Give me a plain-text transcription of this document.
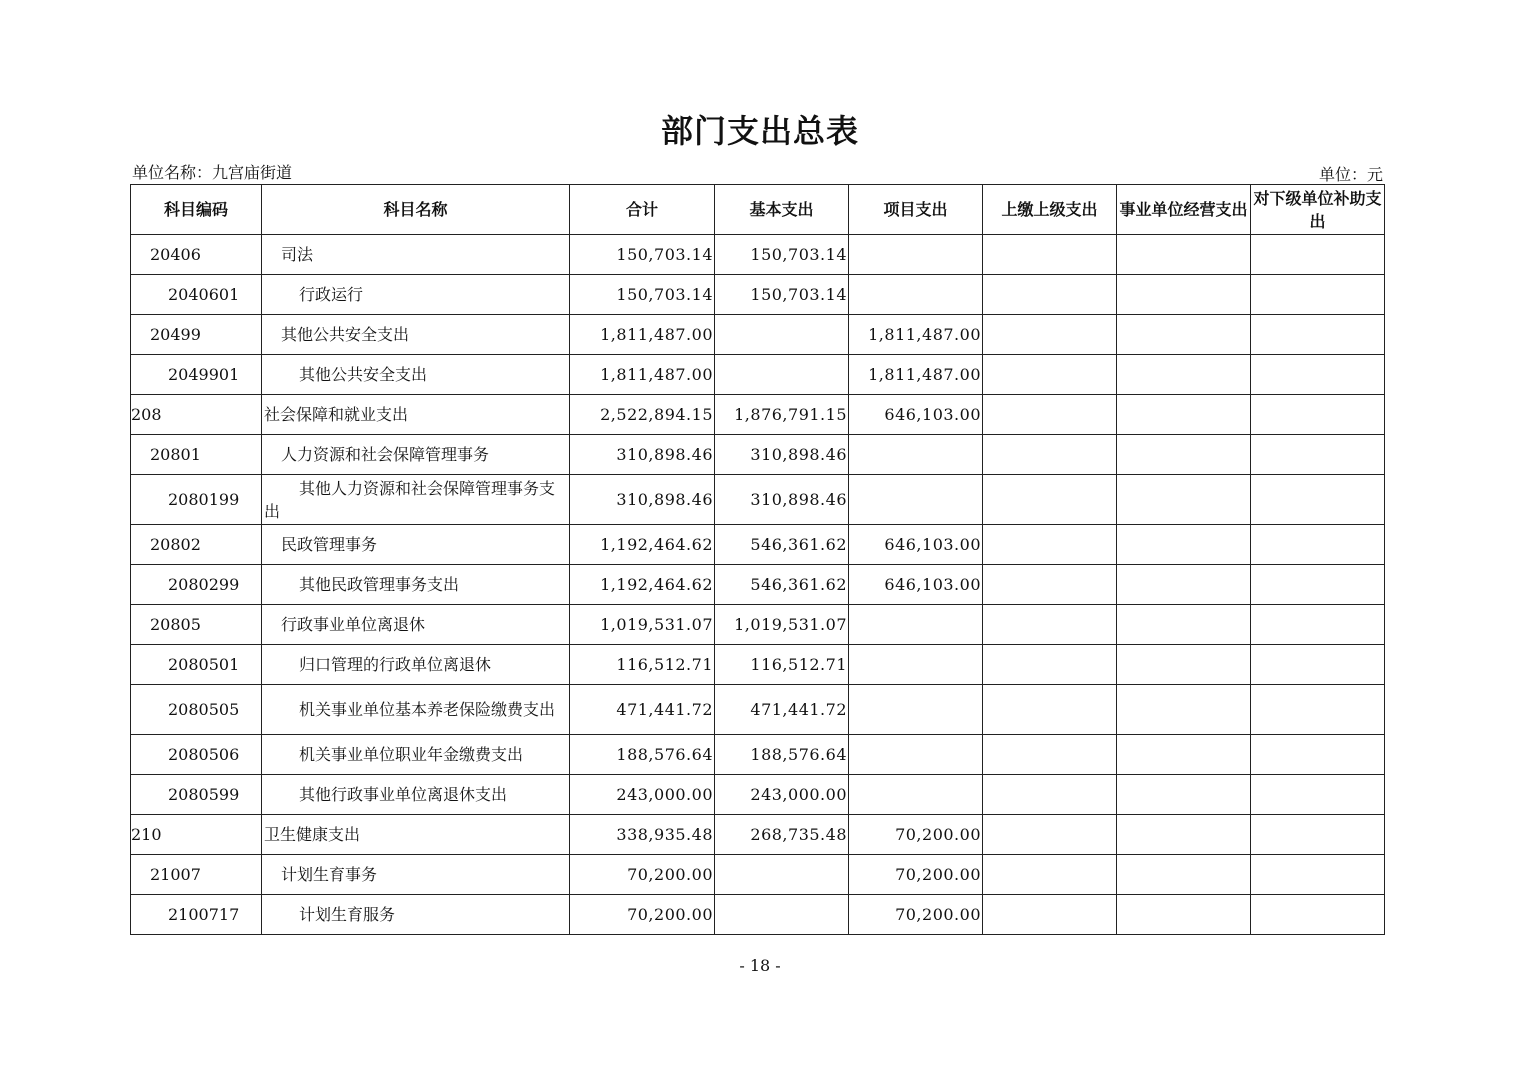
部门支出总表
单位名称：九宫庙街道	单位：元
科目编码	科目名称	合计	基本支出	项目支出	上缴上级支出	事业单位经营支出	对下级单位补助支出
20406	司法	150,703.14	150,703.14				
2040601	行政运行	150,703.14	150,703.14				
20499	其他公共安全支出	1,811,487.00		1,811,487.00			
2049901	其他公共安全支出	1,811,487.00		1,811,487.00			
208	社会保障和就业支出	2,522,894.15	1,876,791.15	646,103.00			
20801	人力资源和社会保障管理事务	310,898.46	310,898.46				
2080199	其他人力资源和社会保障管理事务支出	310,898.46	310,898.46				
20802	民政管理事务	1,192,464.62	546,361.62	646,103.00			
2080299	其他民政管理事务支出	1,192,464.62	546,361.62	646,103.00			
20805	行政事业单位离退休	1,019,531.07	1,019,531.07				
2080501	归口管理的行政单位离退休	116,512.71	116,512.71				
2080505	机关事业单位基本养老保险缴费支出	471,441.72	471,441.72				
2080506	机关事业单位职业年金缴费支出	188,576.64	188,576.64				
2080599	其他行政事业单位离退休支出	243,000.00	243,000.00				
210	卫生健康支出	338,935.48	268,735.48	70,200.00			
21007	计划生育事务	70,200.00		70,200.00			
2100717	计划生育服务	70,200.00		70,200.00			
- 18 -
